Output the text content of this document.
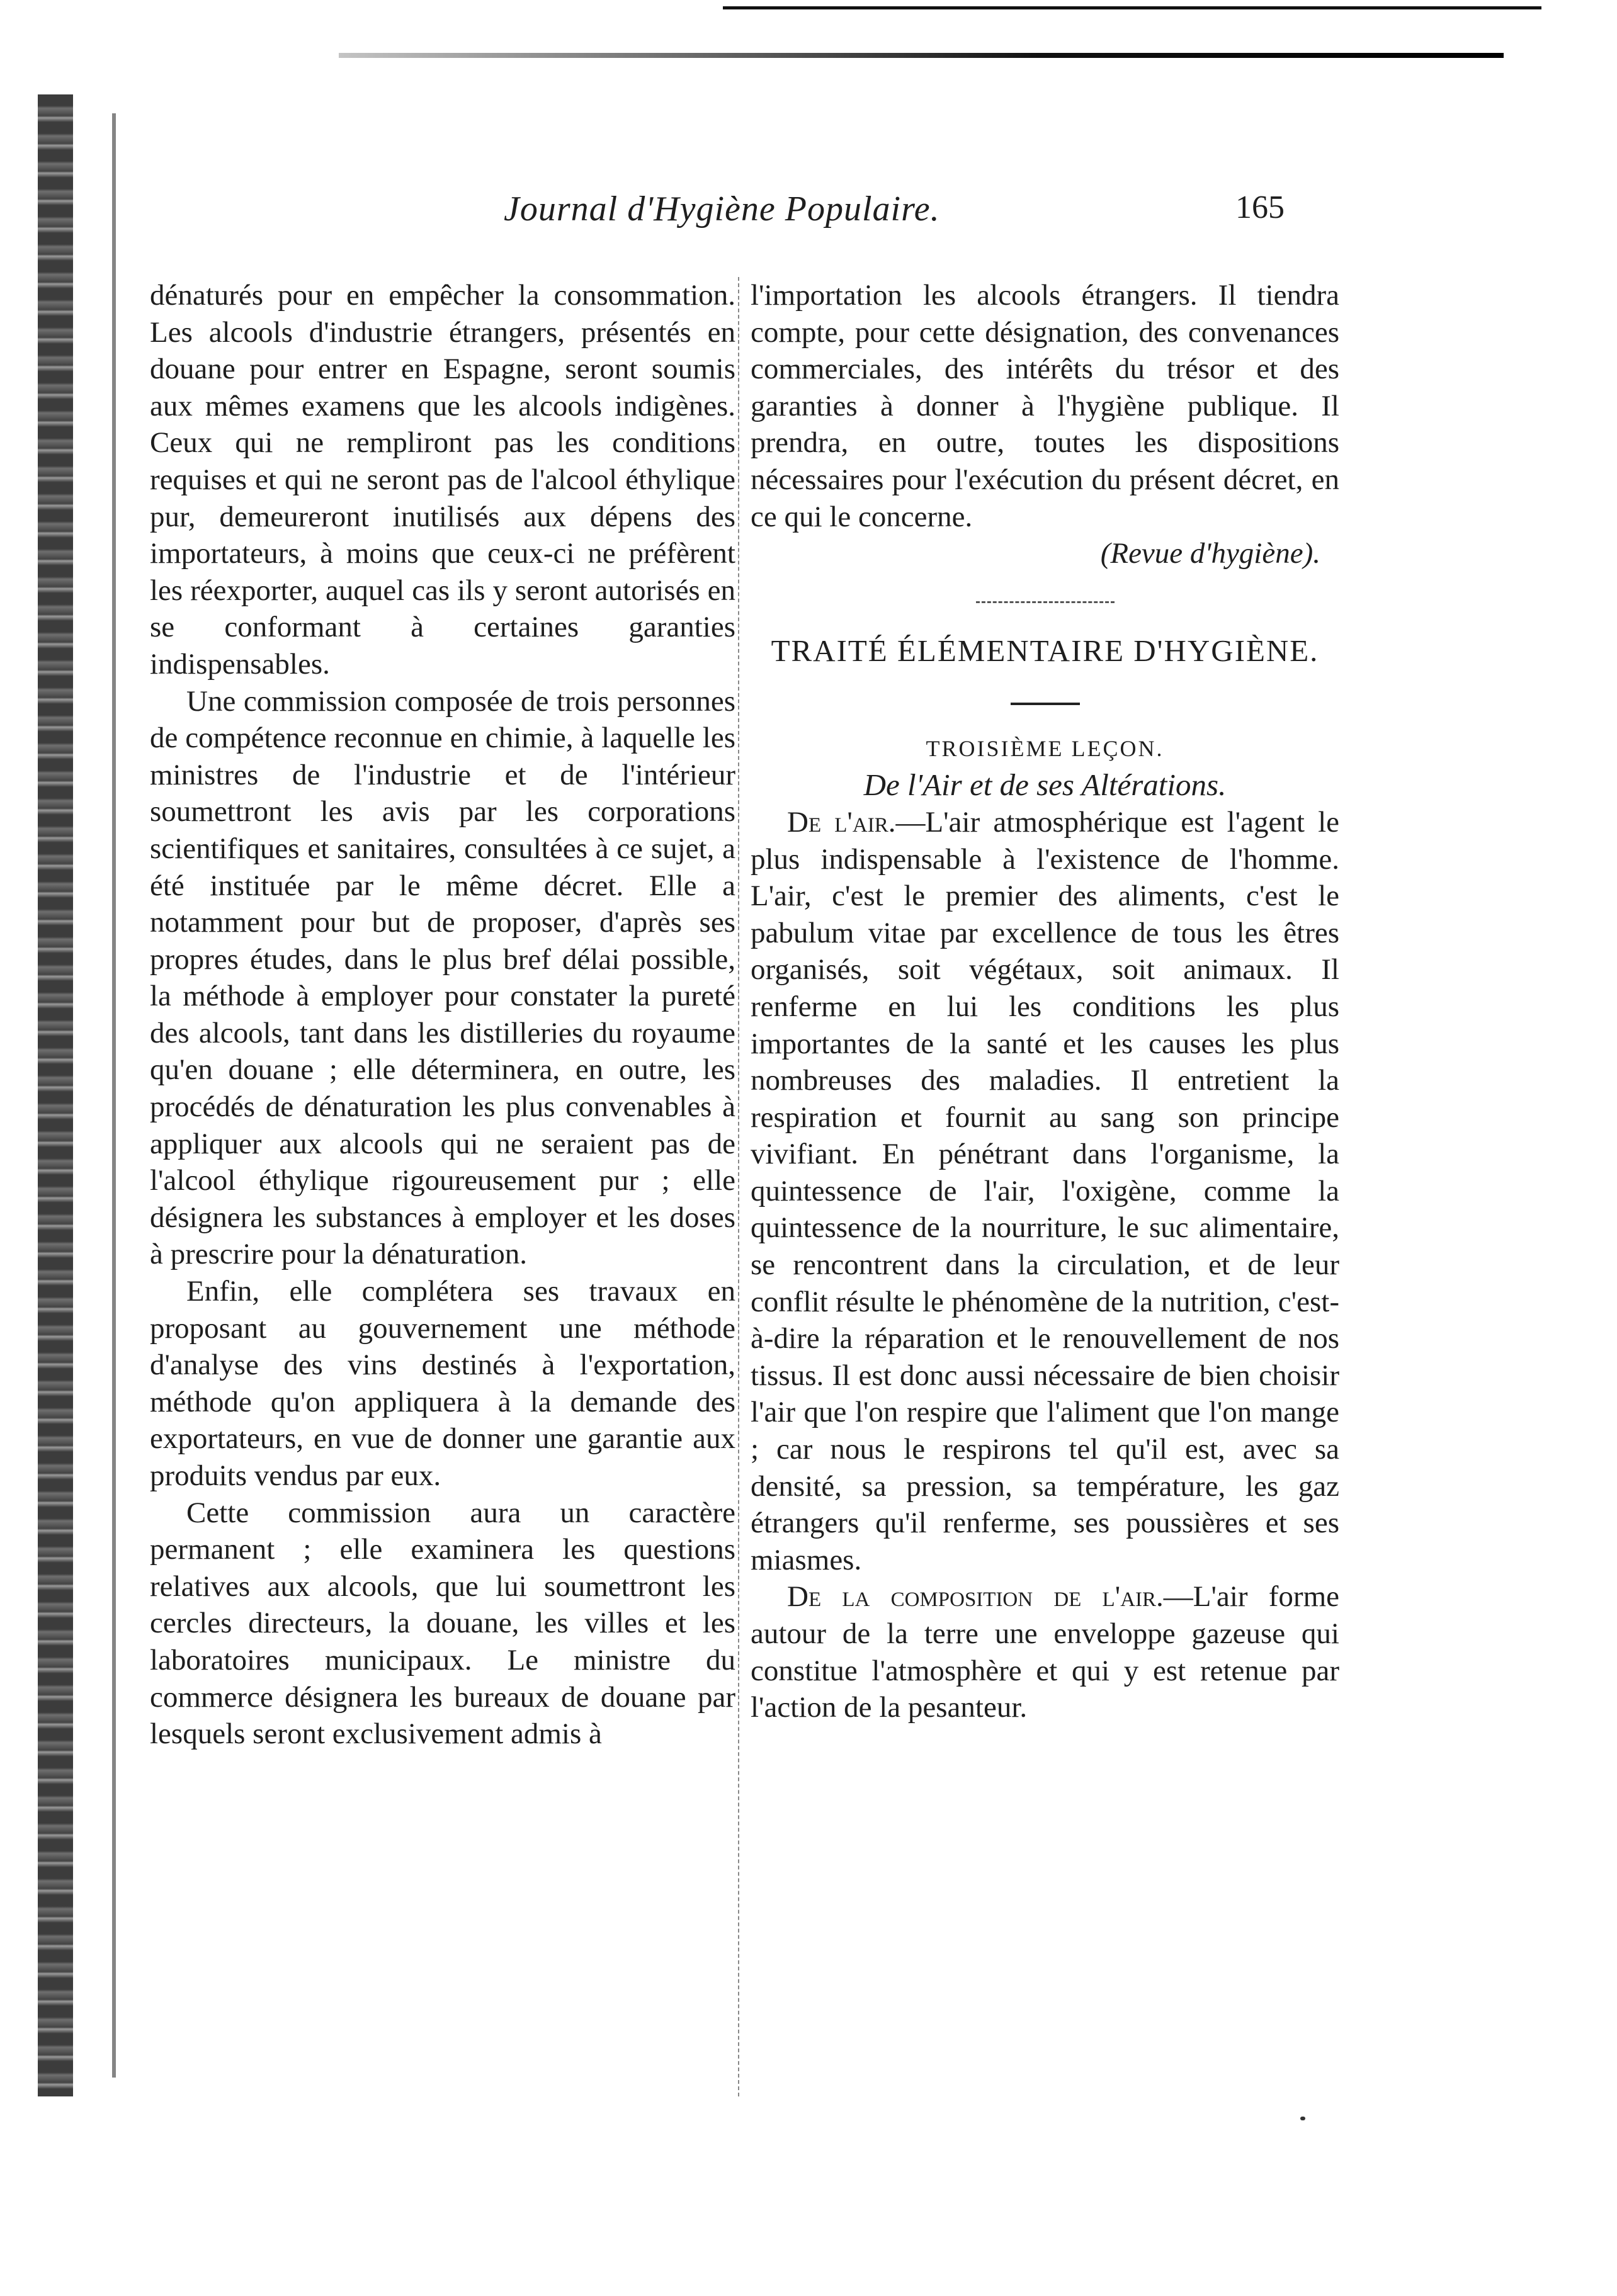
Journal d'Hygiène Populaire.	165

dénaturés pour en empêcher la consommation. Les alcools d'industrie étrangers, présentés en douane pour entrer en Espagne, seront soumis aux mêmes examens que les alcools indigènes. Ceux qui ne rempliront pas les conditions requises et qui ne seront pas de l'alcool éthylique pur, demeureront inutilisés aux dépens des importateurs, à moins que ceux-ci ne préfèrent les réexporter, auquel cas ils y seront autorisés en se conformant à certaines garanties indispensables.

Une commission composée de trois personnes de compétence reconnue en chimie, à laquelle les ministres de l'industrie et de l'intérieur soumettront les avis par les corporations scientifiques et sanitaires, consultées à ce sujet, a été instituée par le même décret. Elle a notamment pour but de proposer, d'après ses propres études, dans le plus bref délai possible, la méthode à employer pour constater la pureté des alcools, tant dans les distilleries du royaume qu'en douane ; elle déterminera, en outre, les procédés de dénaturation les plus convenables à appliquer aux alcools qui ne seraient pas de l'alcool éthylique rigoureusement pur ; elle désignera les substances à employer et les doses à prescrire pour la dénaturation.

Enfin, elle complétera ses travaux en proposant au gouvernement une méthode d'analyse des vins destinés à l'exportation, méthode qu'on appliquera à la demande des exportateurs, en vue de donner une garantie aux produits vendus par eux.

Cette commission aura un caractère permanent ; elle examinera les questions relatives aux alcools, que lui soumettront les cercles directeurs, la douane, les villes et les laboratoires municipaux. Le ministre du commerce désignera les bureaux de douane par lesquels seront exclusivement admis à

l'importation les alcools étrangers. Il tiendra compte, pour cette désignation, des convenances commerciales, des intérêts du trésor et des garanties à donner à l'hygiène publique. Il prendra, en outre, toutes les dispositions nécessaires pour l'exécution du présent décret, en ce qui le concerne.

(Revue d'hygiène).

TRAITÉ ÉLÉMENTAIRE D'HYGIÈNE.

TROISIÈME LEÇON.

De l'Air et de ses Altérations.

De l'air.—L'air atmosphérique est l'agent le plus indispensable à l'existence de l'homme. L'air, c'est le premier des aliments, c'est le pabulum vitae par excellence de tous les êtres organisés, soit végétaux, soit animaux. Il renferme en lui les conditions les plus importantes de la santé et les causes les plus nombreuses des maladies. Il entretient la respiration et fournit au sang son principe vivifiant. En pénétrant dans l'organisme, la quintessence de l'air, l'oxigène, comme la quintessence de la nourriture, le suc alimentaire, se rencontrent dans la circulation, et de leur conflit résulte le phénomène de la nutrition, c'est-à-dire la réparation et le renouvellement de nos tissus. Il est donc aussi nécessaire de bien choisir l'air que l'on respire que l'aliment que l'on mange ; car nous le respirons tel qu'il est, avec sa densité, sa pression, sa température, les gaz étrangers qu'il renferme, ses poussières et ses miasmes.

De la composition de l'air.—L'air forme autour de la terre une enveloppe gazeuse qui constitue l'atmosphère et qui y est retenue par l'action de la pesanteur.
